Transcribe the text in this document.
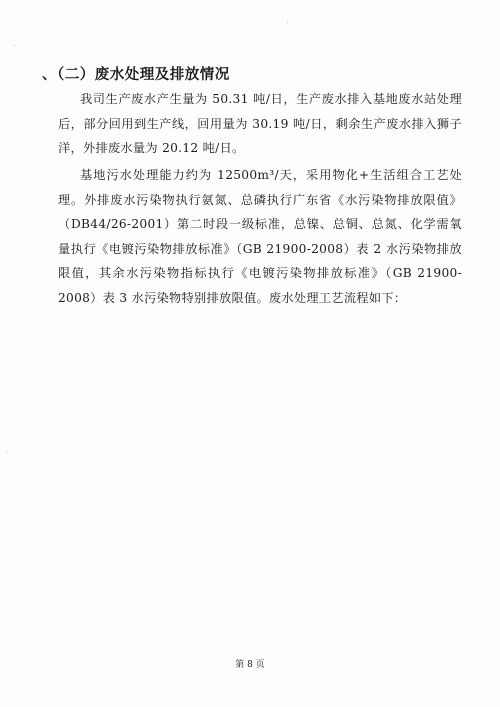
、（二）废水处理及排放情况

我司生产废水产生量为 50.31 吨/日，生产废水排入基地废水站处理后，部分回用到生产线，回用量为 30.19 吨/日，剩余生产废水排入狮子洋，外排废水量为 20.12 吨/日。

基地污水处理能力约为 12500m³/天，采用物化+生活组合工艺处理。外排废水污染物执行氨氮、总磷执行广东省《水污染物排放限值》（DB44/26-2001）第二时段一级标准，总镍、总铜、总氮、化学需氧量执行《电镀污染物排放标准》（GB 21900-2008）表 2 水污染物排放限值，其余水污染物指标执行《电镀污染物排放标准》（GB 21900-2008）表 3 水污染物特别排放限值。废水处理工艺流程如下：

第 8 页
